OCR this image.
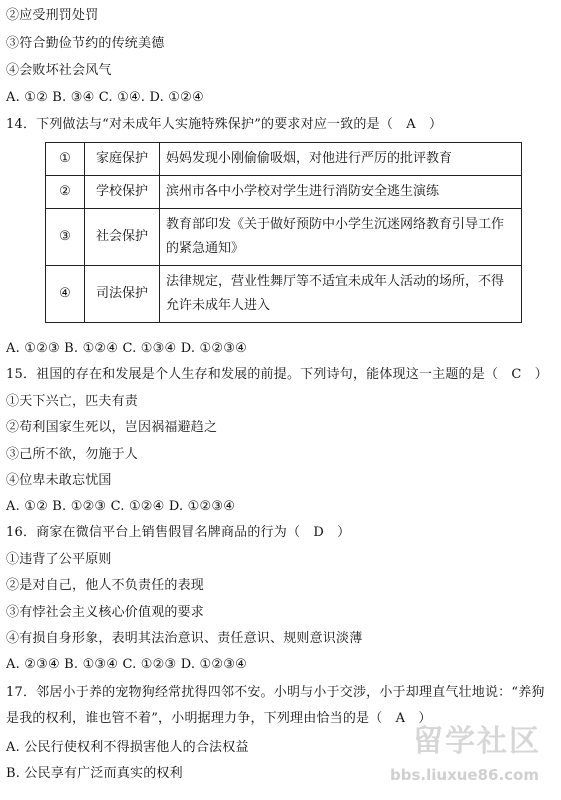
②应受刑罚处罚
③符合勤俭节约的传统美德
④会败坏社会风气
A. ①② B. ③④ C. ①④. D. ①②④
14．下列做法与“对未成年人实施特殊保护”的要求对应一致的是（　A　）
①	家庭保护	妈妈发现小刚偷偷吸烟，对他进行严厉的批评教育
②	学校保护	滨州市各中小学校对学生进行消防安全逃生演练
③	社会保护	教育部印发《关于做好预防中小学生沉迷网络教育引导工作的紧急通知》
④	司法保护	法律规定，营业性舞厅等不适宜未成年人活动的场所，不得允许未成年人进入
A. ①②③ B. ①②④ C. ①③④ D. ①②③④
15．祖国的存在和发展是个人生存和发展的前提。下列诗句，能体现这一主题的是（　C　）
①天下兴亡，匹夫有责
②苟利国家生死以，岂因祸福避趋之
③己所不欲，勿施于人
④位卑未敢忘忧国
A. ①② B. ①②③ C. ①②④ D. ①②③④
16．商家在微信平台上销售假冒名牌商品的行为（　D　）
①违背了公平原则
②是对自己，他人不负责任的表现
③有悖社会主义核心价值观的要求
④有损自身形象，表明其法治意识、责任意识、规则意识淡薄
A. ②③④ B. ①③④ C. ①②③ D. ①②③④
17．邻居小于养的宠物狗经常扰得四邻不安。小明与小于交涉，小于却理直气壮地说：“养狗是我的权利，谁也管不着”，小明据理力争，下列理由恰当的是（　A　）
A. 公民行使权利不得损害他人的合法权益
B. 公民享有广泛而真实的权利
留学社区
bbs.liuxue86.com
